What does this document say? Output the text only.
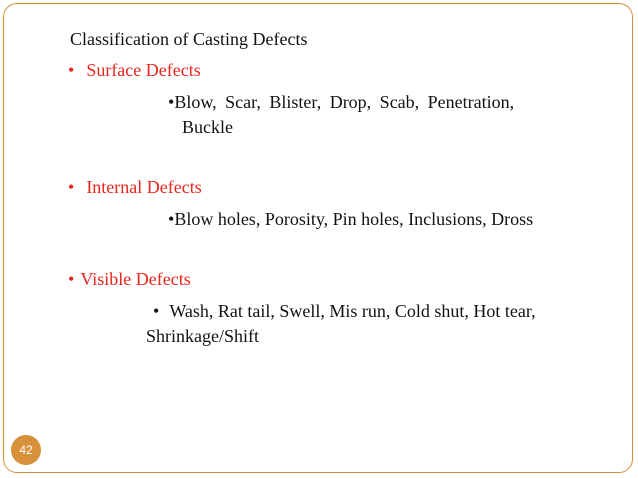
Classification of Casting Defects

• Surface Defects

•Blow, Scar, Blister, Drop, Scab, Penetration,

Buckle

• Internal Defects

•Blow holes, Porosity, Pin holes, Inclusions, Dross

• Visible Defects

• Wash, Rat tail, Swell, Mis run, Cold shut, Hot tear,

Shrinkage/Shift

42
